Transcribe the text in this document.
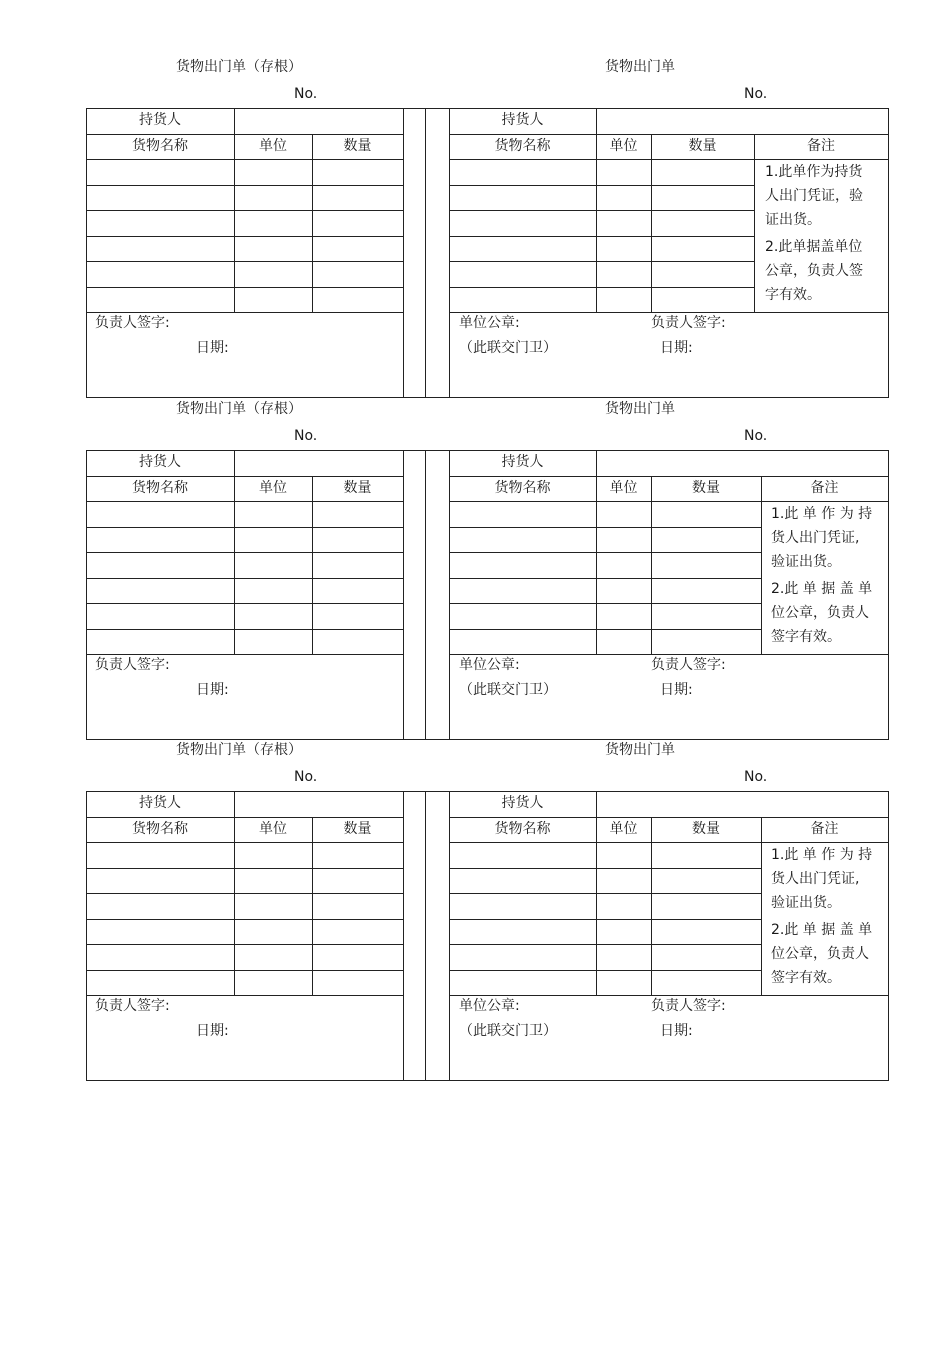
货物出门单（存根）	货物出门单
No.	No.
持货人
货物名称	单位	数量
负责人签字:
日期:
持货人
货物名称	单位	数量	备注
1.此单作为持货
人出门凭证，验
证出货。
2.此单据盖单位
公章，负责人签
字有效。
单位公章:
（此联交门卫）
负责人签字:
日期:
货物出门单（存根）	货物出门单
No.	No.
持货人
货物名称	单位	数量
负责人签字:
日期:
持货人
货物名称	单位	数量	备注
1.此 单 作 为 持
货人出门凭证,
验证出货。
2.此 单 据 盖 单
位公章，负责人
签字有效。
单位公章:
（此联交门卫）
负责人签字:
日期:
货物出门单（存根）	货物出门单
No.	No.
持货人
货物名称	单位	数量
负责人签字:
日期:
持货人
货物名称	单位	数量	备注
1.此 单 作 为 持
货人出门凭证,
验证出货。
2.此 单 据 盖 单
位公章，负责人
签字有效。
单位公章:
（此联交门卫）
负责人签字:
日期:
